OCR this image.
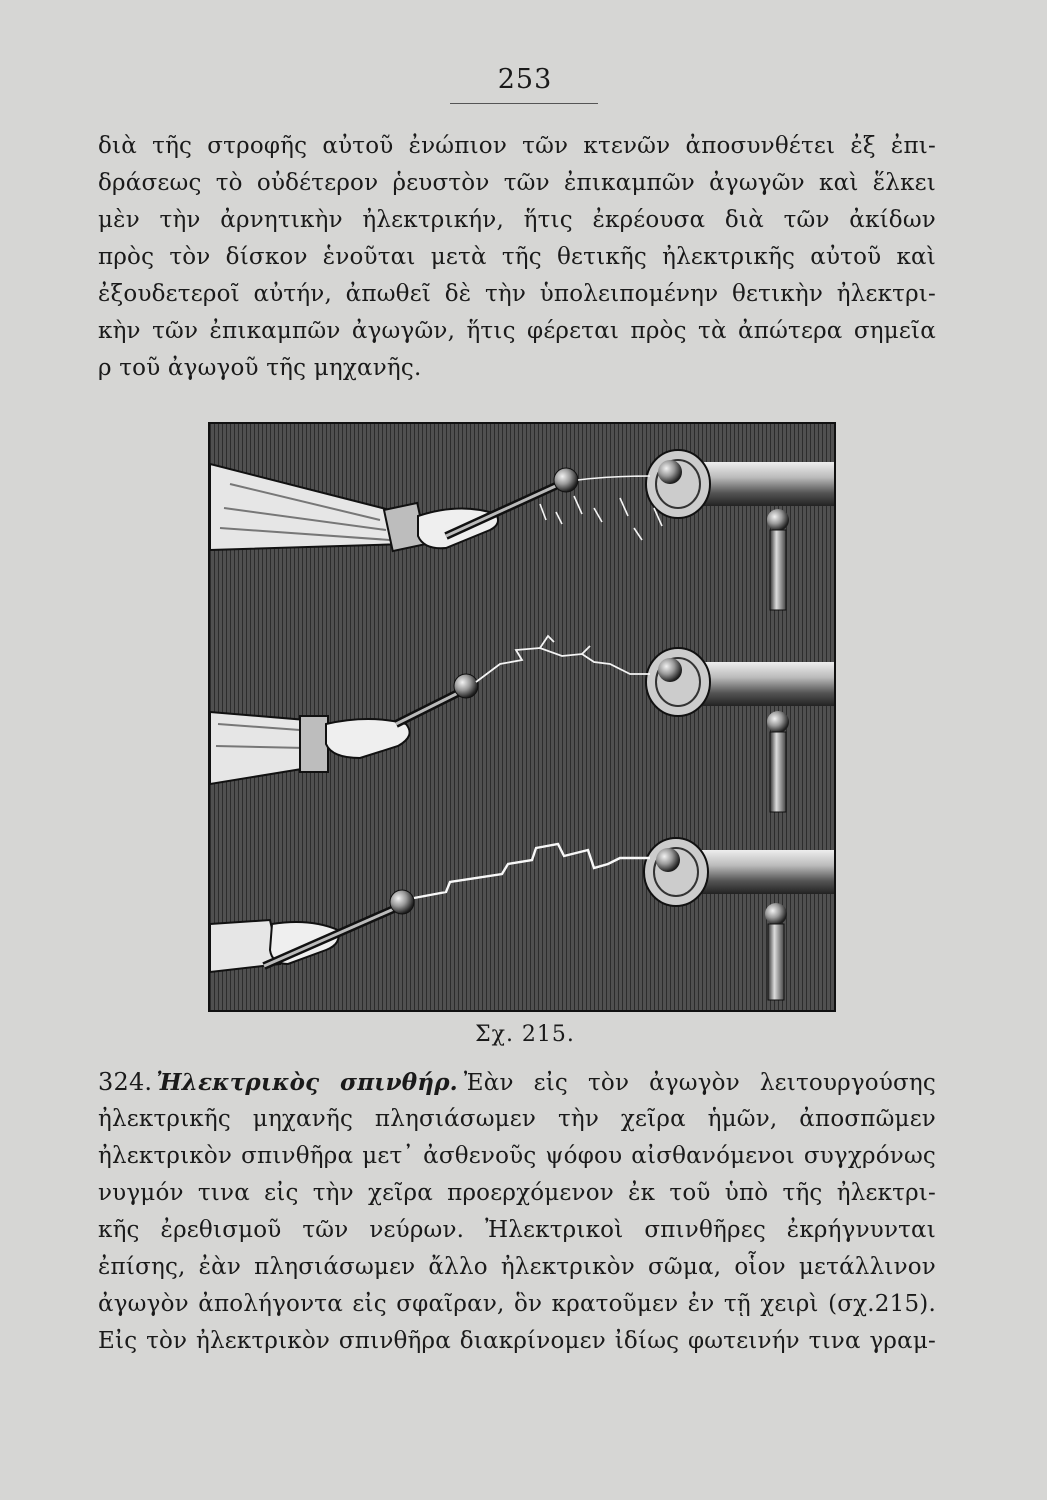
253
διὰ τῆς στροφῆς αὐτοῦ ἐνώπιον τῶν κτενῶν ἀποσυνθέτει ἐξ ἐπι-
δράσεως τὸ οὐδέτερον ῥευστὸν τῶν ἐπικαμπῶν ἀγωγῶν καὶ ἕλκει
μὲν τὴν ἀρνητικὴν ἠλεκτρικήν, ἥτις ἐκρέουσα διὰ τῶν ἀκίδων
πρὸς τὸν δίσκον ἑνοῦται μετὰ τῆς θετικῆς ἠλεκτρικῆς αὐτοῦ καὶ
ἐξουδετεροῖ αὐτήν, ἀπωθεῖ δὲ τὴν ὑπολειπομένην θετικὴν ἠλεκτρι-
κὴν τῶν ἐπικαμπῶν ἀγωγῶν, ἥτις φέρεται πρὸς τὰ ἀπώτερα σημεῖα
ρ τοῦ ἀγωγοῦ τῆς μηχανῆς.
Σχ. 215.
324. Ἠλεκτρικὸς σπινθήρ. Ἐὰν εἰς τὸν ἀγωγὸν λειτουργούσης
ἠλεκτρικῆς μηχανῆς πλησιάσωμεν τὴν χεῖρα ἡμῶν, ἀποσπῶμεν
ἠλεκτρικὸν σπινθῆρα μετ᾽ ἀσθενοῦς ψόφου αἰσθανόμενοι συγχρόνως
νυγμόν τινα εἰς τὴν χεῖρα προερχόμενον ἐκ τοῦ ὑπὸ τῆς ἠλεκτρι-
κῆς ἐρεθισμοῦ τῶν νεύρων. Ἠλεκτρικοὶ σπινθῆρες ἐκρήγνυνται
ἐπίσης, ἐὰν πλησιάσωμεν ἄλλο ἠλεκτρικὸν σῶμα, οἷον μετάλλινον
ἀγωγὸν ἀπολήγοντα εἰς σφαῖραν, ὃν κρατοῦμεν ἐν τῇ χειρὶ (σχ.215).
Εἰς τὸν ἠλεκτρικὸν σπινθῆρα διακρίνομεν ἰδίως φωτεινήν τινα γραμ-
